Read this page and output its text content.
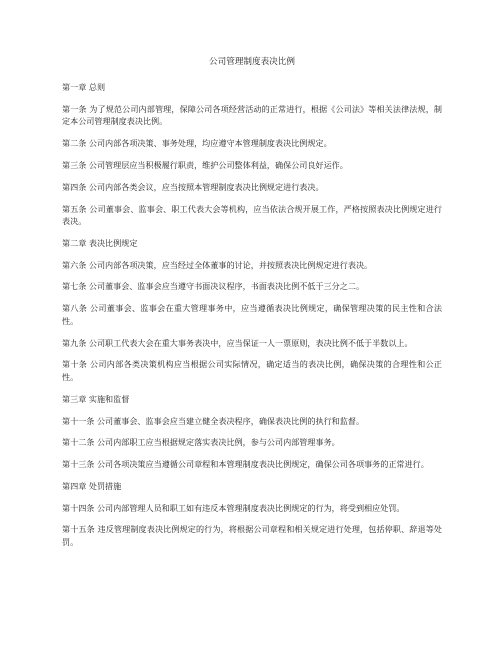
公司管理制度表决比例

第一章 总则

第一条 为了规范公司内部管理，保障公司各项经营活动的正常进行，根据《公司法》等相关法律法规，制定本公司管理制度表决比例。

第二条 公司内部各项决策、事务处理，均应遵守本管理制度表决比例规定。

第三条 公司管理层应当积极履行职责，维护公司整体利益，确保公司良好运作。

第四条 公司内部各类会议，应当按照本管理制度表决比例规定进行表决。

第五条 公司董事会、监事会、职工代表大会等机构，应当依法合规开展工作，严格按照表决比例规定进行表决。

第二章 表决比例规定

第六条 公司内部各项决策，应当经过全体董事的讨论，并按照表决比例规定进行表决。

第七条 公司董事会、监事会应当遵守书面决议程序，书面表决比例不低于三分之二。

第八条 公司董事会、监事会在重大管理事务中，应当遵循表决比例规定，确保管理决策的民主性和合法性。

第九条 公司职工代表大会在重大事务表决中，应当保证一人一票原则，表决比例不低于半数以上。

第十条 公司内部各类决策机构应当根据公司实际情况，确定适当的表决比例，确保决策的合理性和公正性。

第三章 实施和监督

第十一条 公司董事会、监事会应当建立健全表决程序，确保表决比例的执行和监督。

第十二条 公司内部职工应当根据规定落实表决比例，参与公司内部管理事务。

第十三条 公司各项决策应当遵循公司章程和本管理制度表决比例规定，确保公司各项事务的正常进行。

第四章 处罚措施

第十四条 公司内部管理人员和职工如有违反本管理制度表决比例规定的行为，将受到相应处罚。

第十五条 违反管理制度表决比例规定的行为，将根据公司章程和相关规定进行处理，包括停职、辞退等处罚。
